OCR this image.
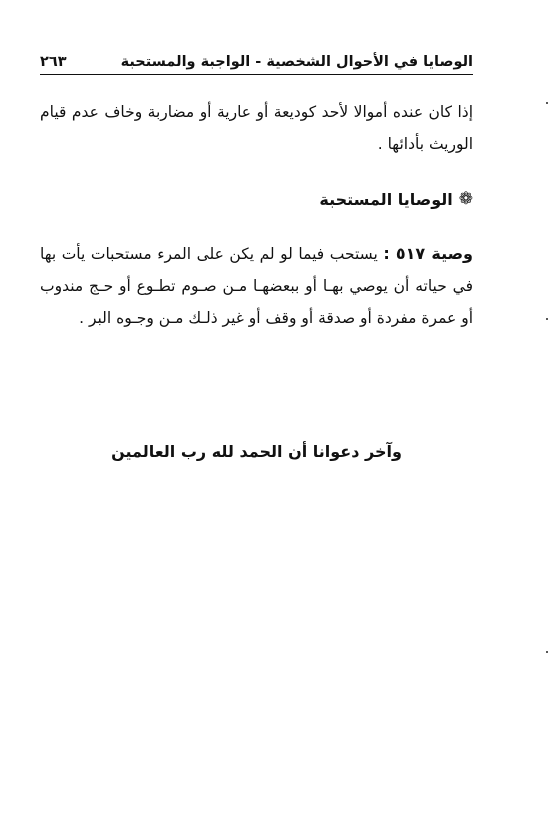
الوصايا في الأحوال الشخصية - الواجبة والمستحبة
٢٦٣
إذا كان عنده أموالا لأحد كوديعة أو عارية أو مضاربة وخاف عدم قيام الوريث بأدائها .
❁
الوصايا المستحبة
وصية ٥١٧ : يستحب فيما لو لم يكن على المرء مستحبات يأت بها في حياته أن يوصي بهـا أو ببعضهـا مـن صـوم تطـوع أو حـج مندوب أو عمرة مفردة أو صدقة أو وقف أو غير ذلـك مـن وجـوه البر .
وآخر دعوانا أن الحمد لله رب العالمين
